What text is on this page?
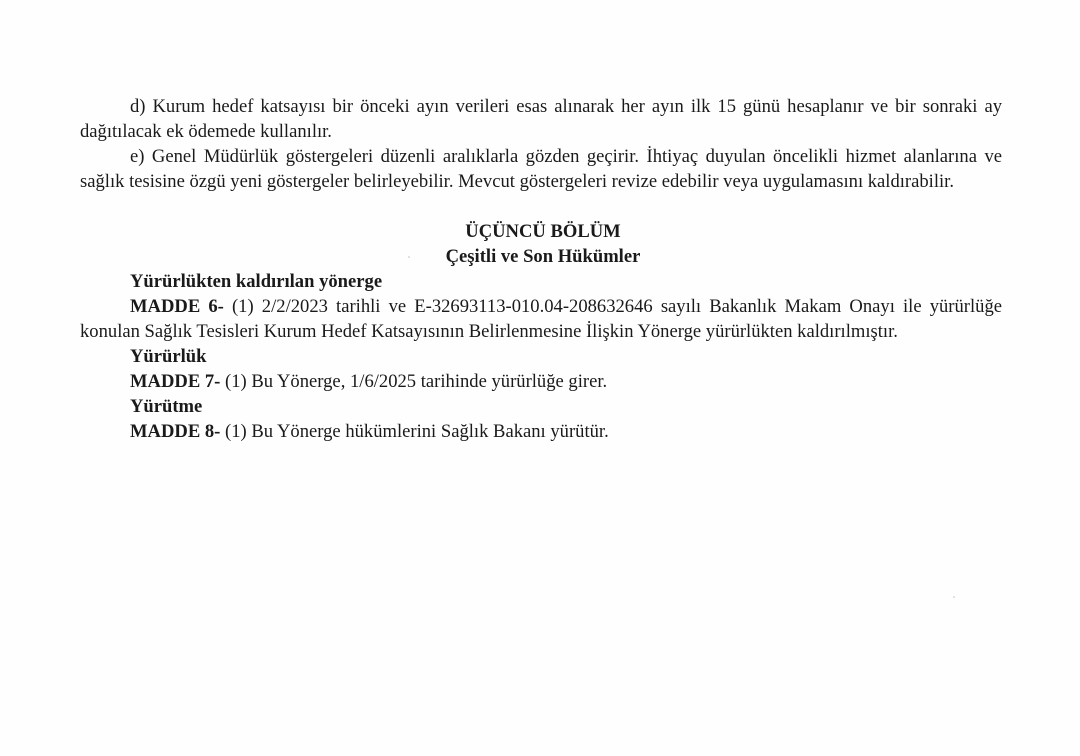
d) Kurum hedef katsayısı bir önceki ayın verileri esas alınarak her ayın ilk 15 günü hesaplanır ve bir sonraki ay dağıtılacak ek ödemede kullanılır.

e) Genel Müdürlük göstergeleri düzenli aralıklarla gözden geçirir. İhtiyaç duyulan öncelikli hizmet alanlarına ve sağlık tesisine özgü yeni göstergeler belirleyebilir. Mevcut göstergeleri revize edebilir veya uygulamasını kaldırabilir.

ÜÇÜNCÜ BÖLÜM

Çeşitli ve Son Hükümler

Yürürlükten kaldırılan yönerge

MADDE 6- (1) 2/2/2023 tarihli ve E-32693113-010.04-208632646 sayılı Bakanlık Makam Onayı ile yürürlüğe konulan Sağlık Tesisleri Kurum Hedef Katsayısının Belirlenmesine İlişkin Yönerge yürürlükten kaldırılmıştır.

Yürürlük

MADDE 7- (1) Bu Yönerge, 1/6/2025 tarihinde yürürlüğe girer.

Yürütme

MADDE 8- (1) Bu Yönerge hükümlerini Sağlık Bakanı yürütür.
